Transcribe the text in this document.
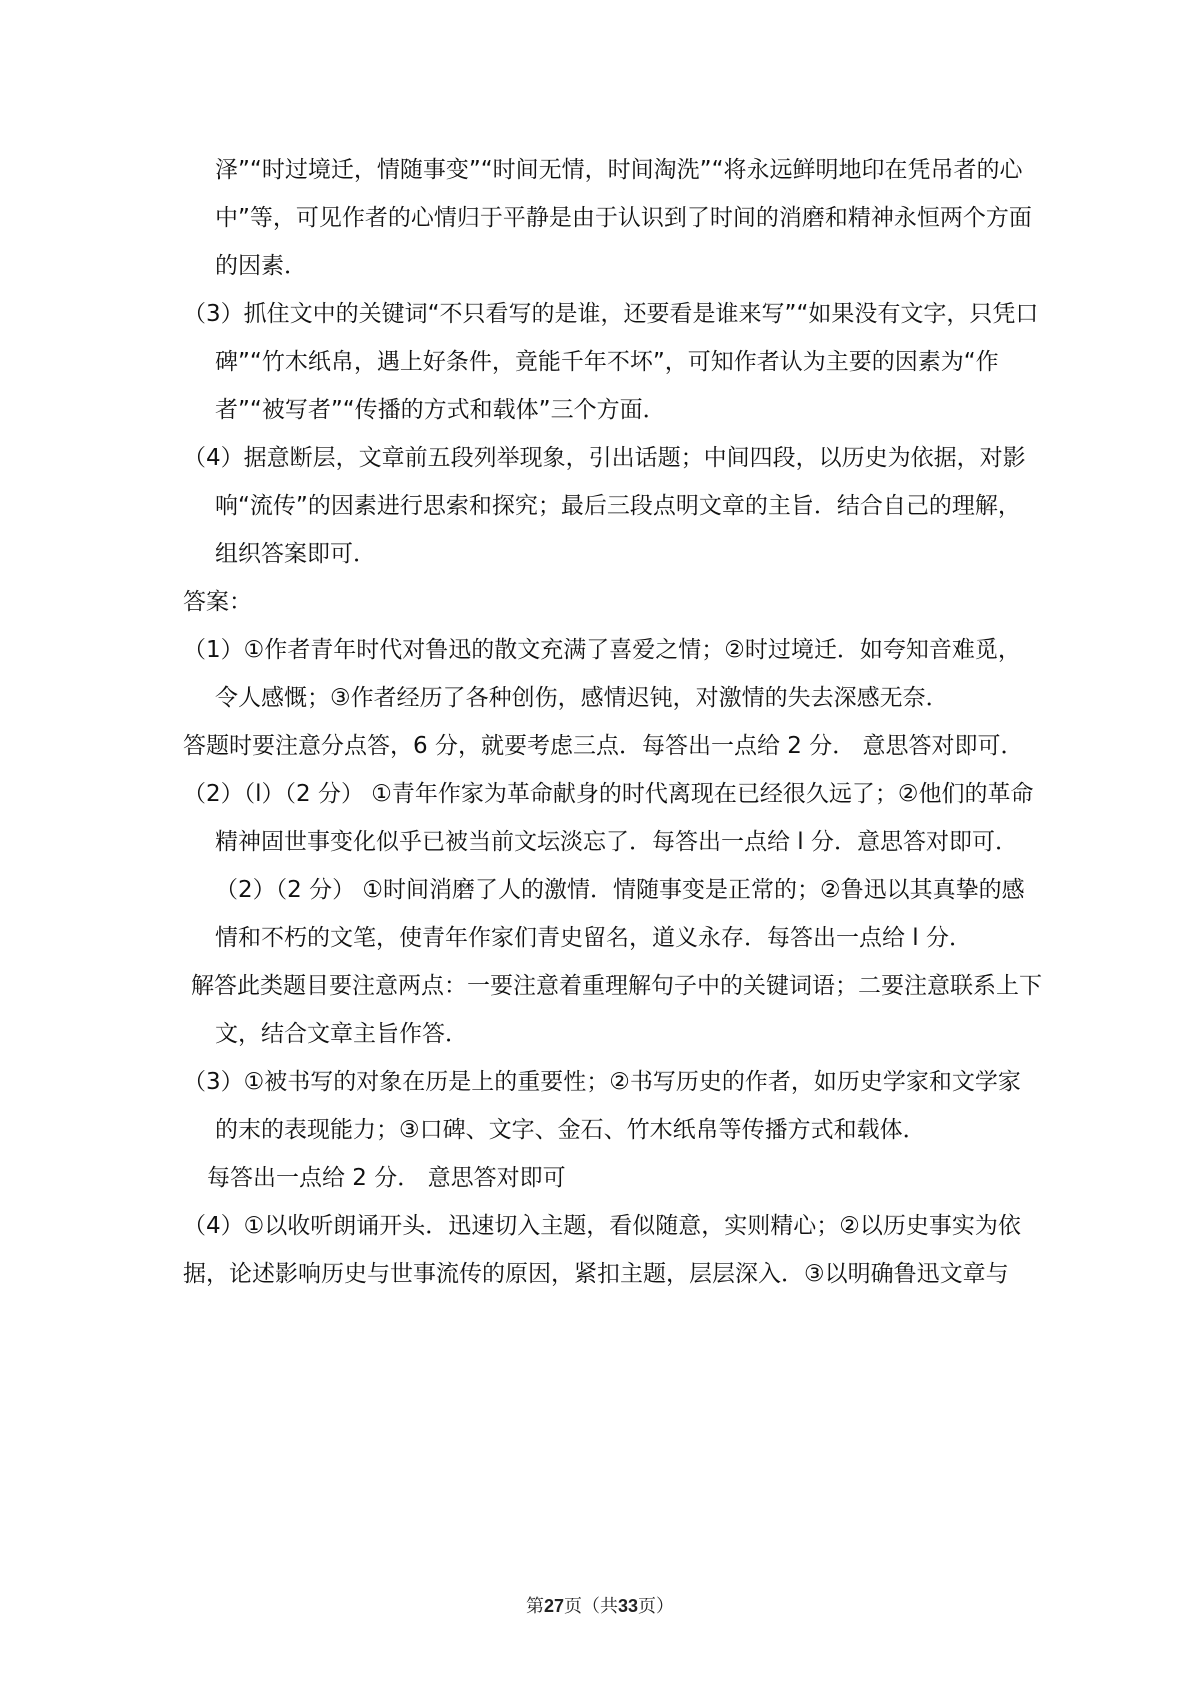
泽”“时过境迁，情随事变”“时间无情，时间淘洗”“将永远鲜明地印在凭吊者的心中”等，可见作者的心情归于平静是由于认识到了时间的消磨和精神永恒两个方面的因素．

（3）抓住文中的关键词“不只看写的是谁，还要看是谁来写”“如果没有文字，只凭口碑”“竹木纸帛，遇上好条件，竟能千年不坏”，可知作者认为主要的因素为“作者”“被写者”“传播的方式和载体”三个方面．

（4）据意断层，文章前五段列举现象，引出话题；中间四段，以历史为依据，对影响“流传”的因素进行思索和探究；最后三段点明文章的主旨．结合自己的理解，组织答案即可．

答案：

（1）①作者青年时代对鲁迅的散文充满了喜爱之情；②时过境迁．如夸知音难觅，令人感慨；③作者经历了各种创伤，感情迟钝，对激情的失去深感无奈．

答题时要注意分点答，6 分，就要考虑三点．每答出一点给 2 分． 意思答对即可．

（2）（l）（2 分） ①青年作家为革命献身的时代离现在已经很久远了；②他们的革命精神固世事变化似乎已被当前文坛淡忘了．每答出一点给 l 分．意思答对即可．（2）（2 分） ①时间消磨了人的激情．情随事变是正常的；②鲁迅以其真挚的感情和不朽的文笔，使青年作家们青史留名，道义永存．每答出一点给 l 分．

解答此类题目要注意两点：一要注意着重理解句子中的关键词语；二要注意联系上下文，结合文章主旨作答．

（3）①被书写的对象在历是上的重要性；②书写历史的作者，如历史学家和文学家的末的表现能力；③口碑、文字、金石、竹木纸帛等传播方式和载体．

每答出一点给 2 分． 意思答对即可

（4）①以收听朗诵开头．迅速切入主题，看似随意，实则精心；②以历史事实为依

据，论述影响历史与世事流传的原因，紧扣主题，层层深入．③以明确鲁迅文章与

第27页（共33页）
